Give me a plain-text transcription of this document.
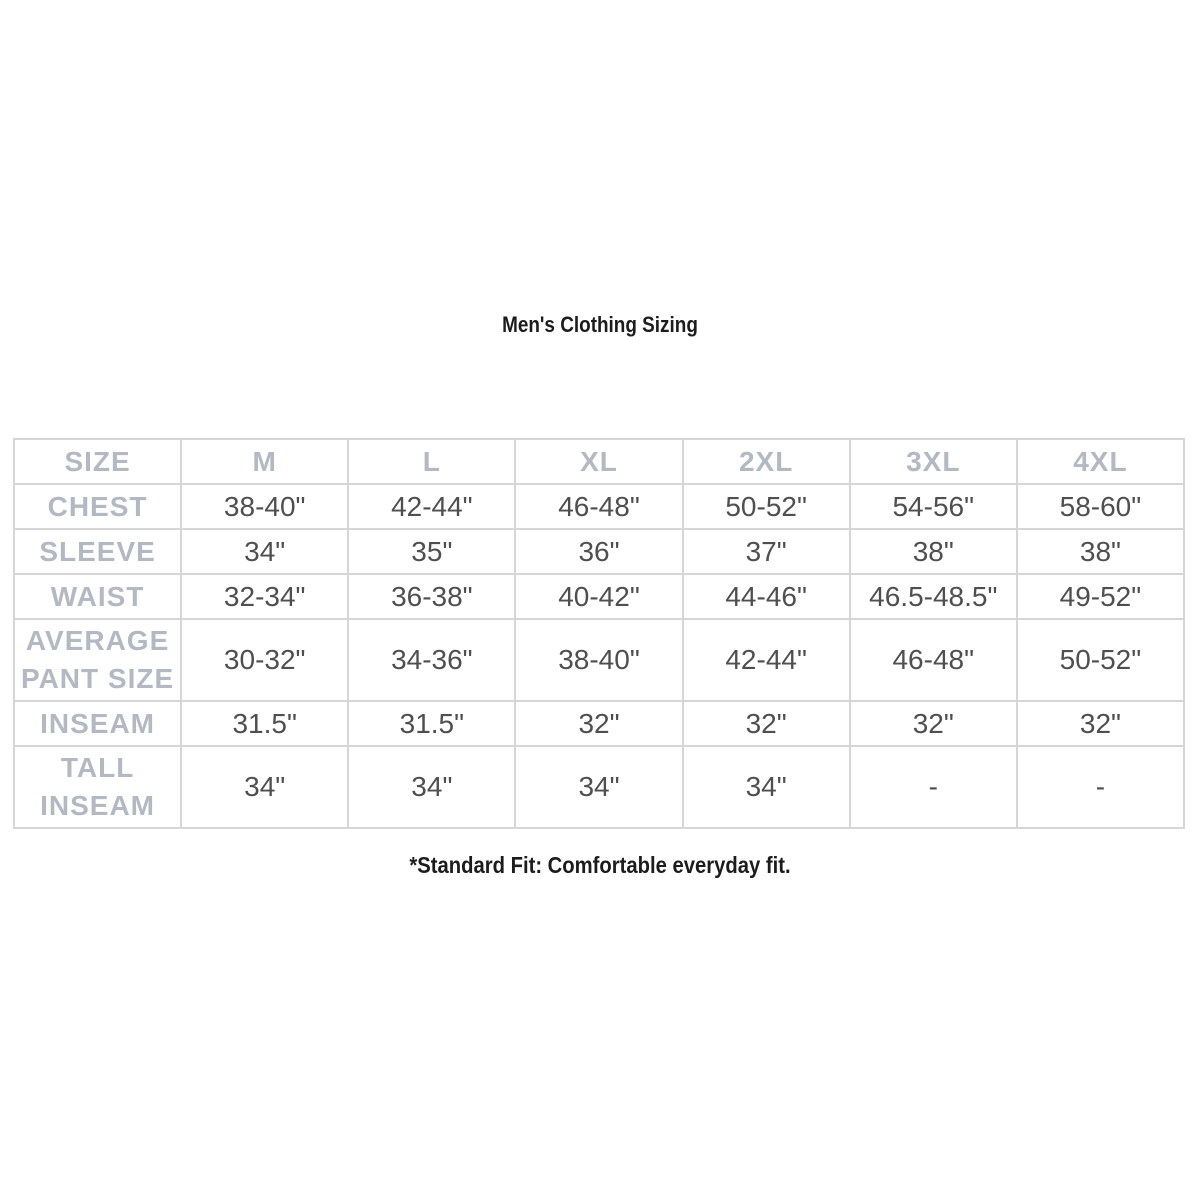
Men's Clothing Sizing
SIZE	M	L	XL	2XL	3XL	4XL
CHEST	38-40"	42-44"	46-48"	50-52"	54-56"	58-60"
SLEEVE	34"	35"	36"	37"	38"	38"
WAIST	32-34"	36-38"	40-42"	44-46"	46.5-48.5"	49-52"

AVERAGE
PANT SIZE	30-32"	34-36"	38-40"	42-44"	46-48"	50-52"
INSEAM	31.5"	31.5"	32"	32"	32"	32"

TALL
INSEAM	34"	34"	34"	34"	-	-
*Standard Fit: Comfortable everyday fit.
